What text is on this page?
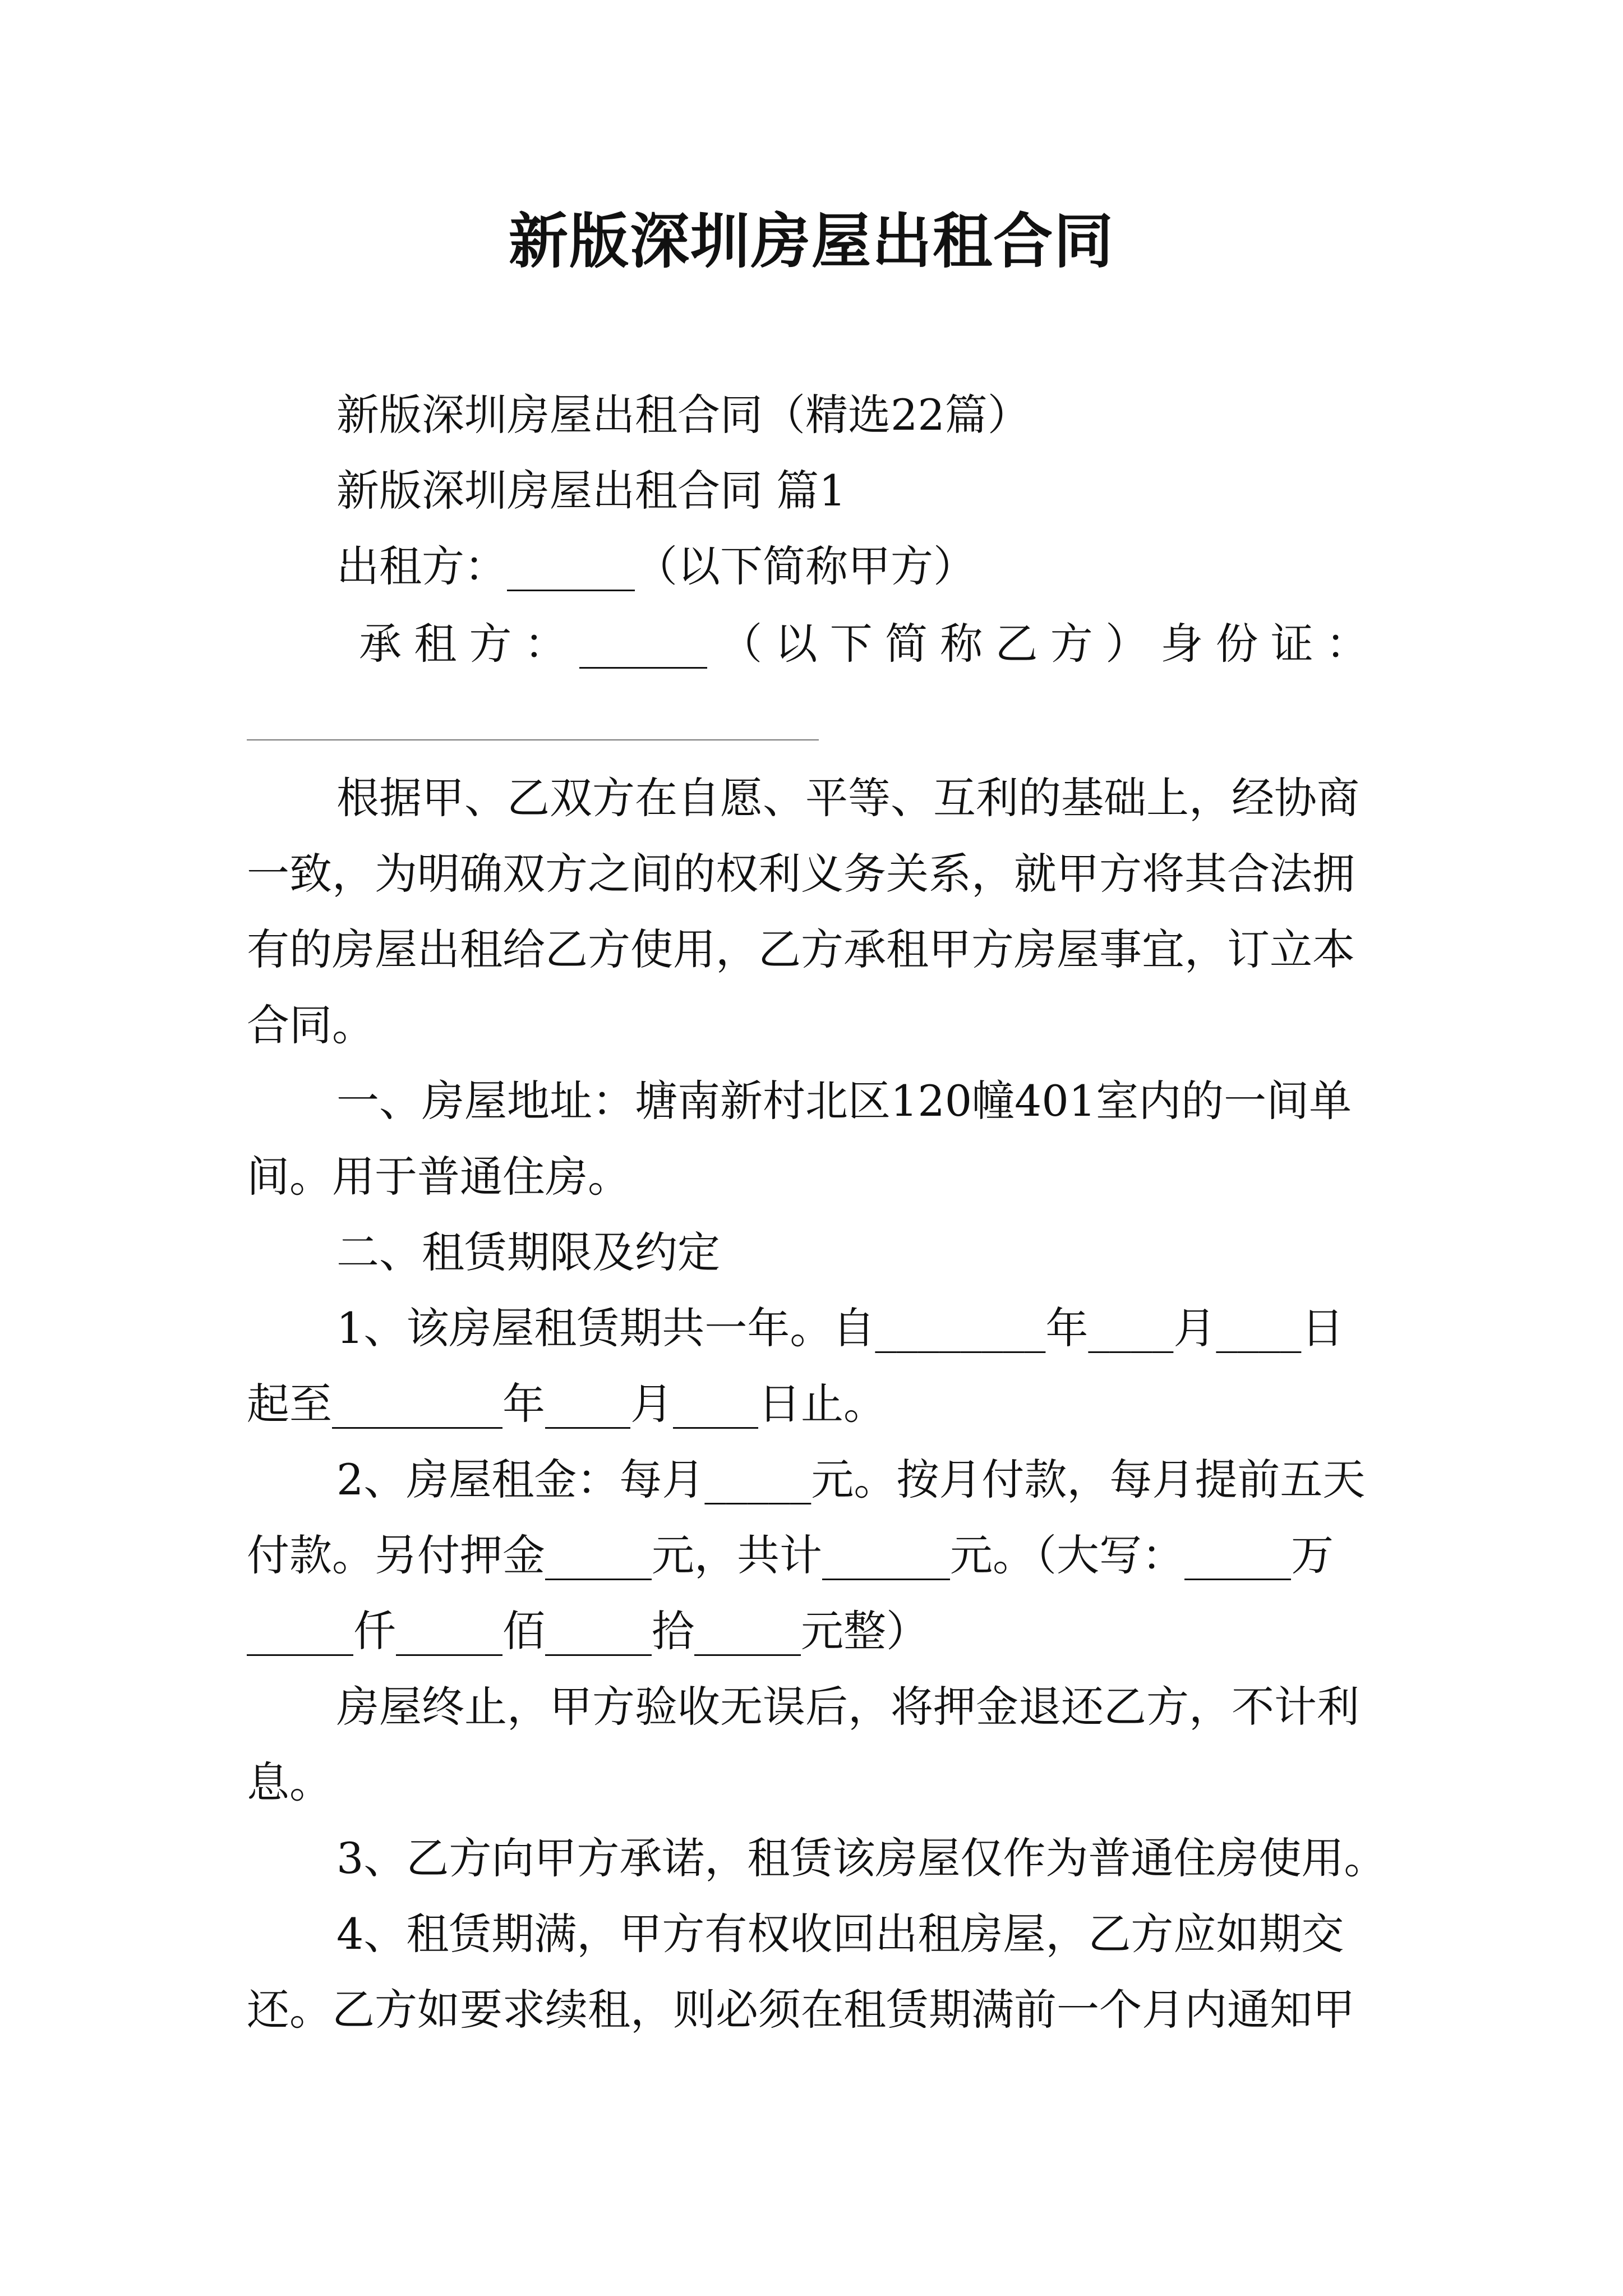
新版深圳房屋出租合同
新版深圳房屋出租合同（精选22篇）
新版深圳房屋出租合同 篇1
出租方：______（以下简称甲方）
承 租 方 ： ______ （ 以 下 简 称 乙 方 ） 身 份 证 ：
根据甲、乙双方在自愿、平等、互利的基础上，经协商
一致，为明确双方之间的权利义务关系，就甲方将其合法拥
有的房屋出租给乙方使用，乙方承租甲方房屋事宜，订立本
合同。
一、房屋地址：塘南新村北区120幢401室内的一间单
间。用于普通住房。
二、租赁期限及约定
1、该房屋租赁期共一年。自________年____月____日
起至________年____月____日止。
2、房屋租金：每月_____元。按月付款，每月提前五天
付款。另付押金_____元，共计______元。（大写：_____万
_____仟_____佰_____拾_____元整）
房屋终止，甲方验收无误后，将押金退还乙方，不计利
息。
3、乙方向甲方承诺，租赁该房屋仅作为普通住房使用。
4、租赁期满，甲方有权收回出租房屋，乙方应如期交
还。乙方如要求续租，则必须在租赁期满前一个月内通知甲
